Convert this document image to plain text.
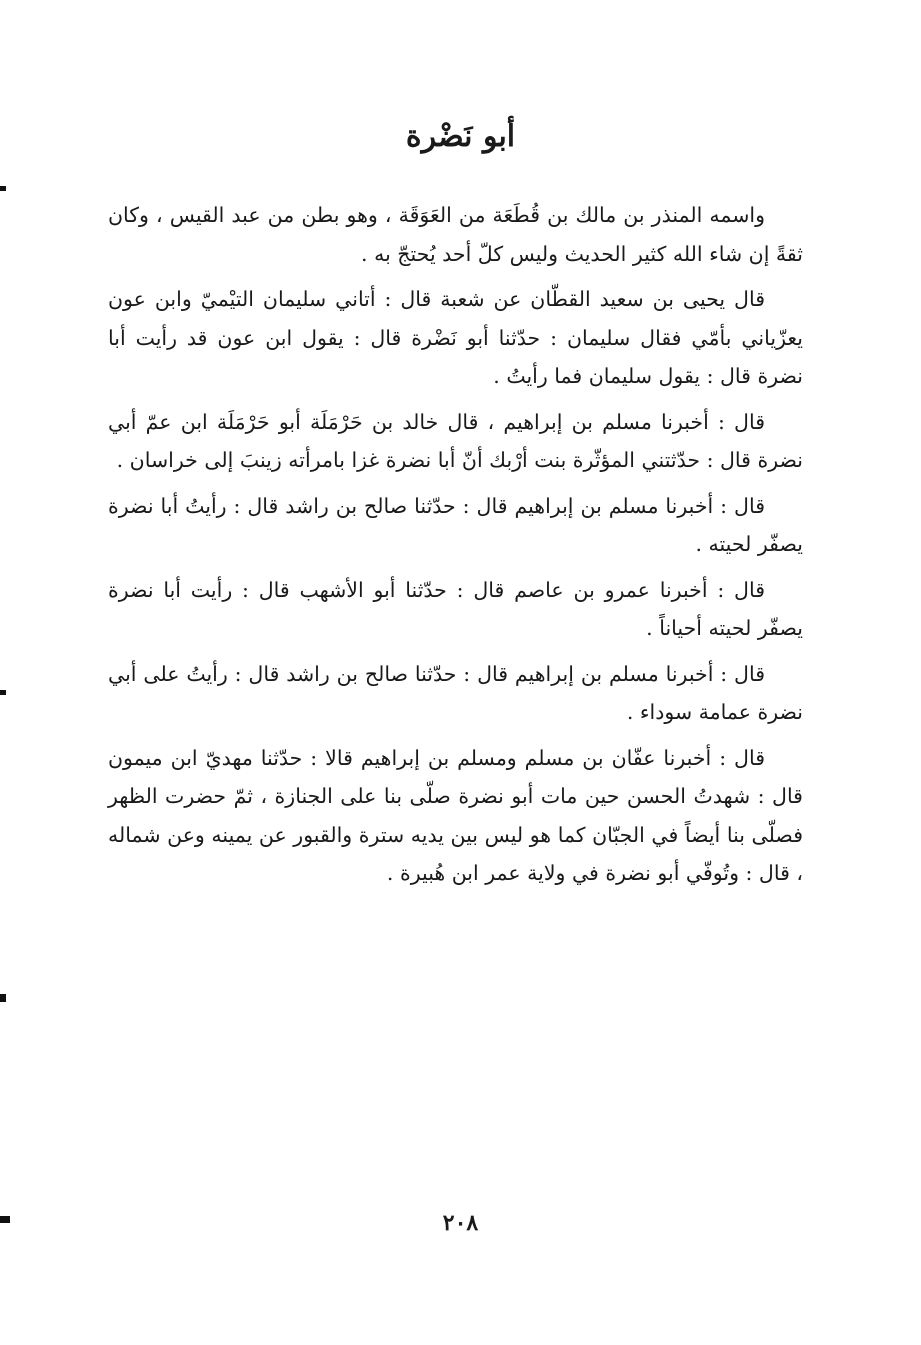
أبو نَضْرة

واسمه المنذر بن مالك بن قُطَعَة من العَوَقَة ، وهو بطن من عبد القيس ، وكان ثقةً إن شاء الله كثير الحديث وليس كلّ أحد يُحتجّ به .

قال يحيى بن سعيد القطّان عن شعبة قال : أتاني سليمان التيْميّ وابن عون يعزّياني بأمّي فقال سليمان : حدّثنا أبو نَضْرة قال : يقول ابن عون قد رأيت أبا نضرة قال : يقول سليمان فما رأيتُ .

قال : أخبرنا مسلم بن إبراهيم ، قال خالد بن حَرْمَلَة أبو حَرْمَلَة ابن عمّ أبي نضرة قال : حدّثتني المؤثّرة بنت أرْبك أنّ أبا نضرة غزا بامرأته زينبَ إلى خراسان .

قال : أخبرنا مسلم بن إبراهيم قال : حدّثنا صالح بن راشد قال : رأيتُ أبا نضرة يصفّر لحيته .

قال : أخبرنا عمرو بن عاصم قال : حدّثنا أبو الأشهب قال : رأيت أبا نضرة يصفّر لحيته أحياناً .

قال : أخبرنا مسلم بن إبراهيم قال : حدّثنا صالح بن راشد قال : رأيتُ على أبي نضرة عمامة سوداء .

قال : أخبرنا عفّان بن مسلم ومسلم بن إبراهيم قالا : حدّثنا مهديّ ابن ميمون قال : شهدتُ الحسن حين مات أبو نضرة صلّى بنا على الجنازة ، ثمّ حضرت الظهر فصلّى بنا أيضاً في الجبّان كما هو ليس بين يديه سترة والقبور عن يمينه وعن شماله ، قال : وتُوفّي أبو نضرة في ولاية عمر ابن هُبيرة .

٢٠٨
